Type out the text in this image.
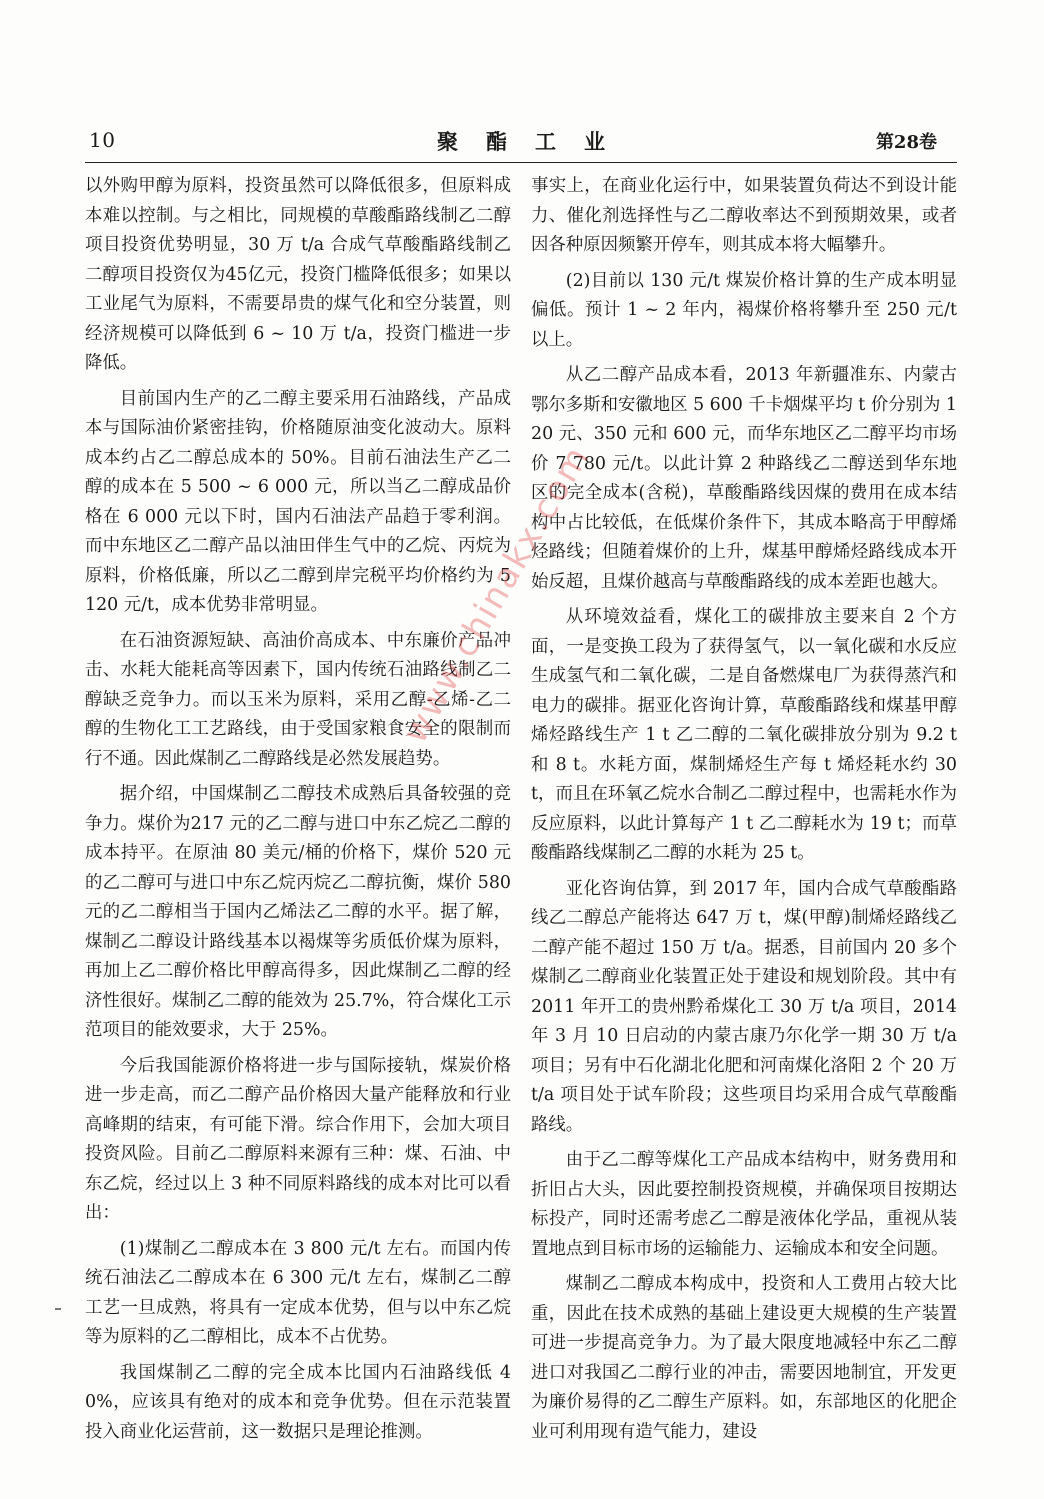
10	聚酯工业	第28卷

以外购甲醇为原料，投资虽然可以降低很多，但原料成本难以控制。与之相比，同规模的草酸酯路线制乙二醇项目投资优势明显，30 万 t/a 合成气草酸酯路线制乙二醇项目投资仅为45亿元，投资门槛降低很多；如果以工业尾气为原料，不需要昂贵的煤气化和空分装置，则经济规模可以降低到 6 ~ 10 万 t/a，投资门槛进一步降低。

目前国内生产的乙二醇主要采用石油路线，产品成本与国际油价紧密挂钩，价格随原油变化波动大。原料成本约占乙二醇总成本的 50%。目前石油法生产乙二醇的成本在 5 500 ~ 6 000 元，所以当乙二醇成品价格在 6 000 元以下时，国内石油法产品趋于零利润。而中东地区乙二醇产品以油田伴生气中的乙烷、丙烷为原料，价格低廉，所以乙二醇到岸完税平均价格约为 5 120 元/t，成本优势非常明显。

在石油资源短缺、高油价高成本、中东廉价产品冲击、水耗大能耗高等因素下，国内传统石油路线制乙二醇缺乏竞争力。而以玉米为原料，采用乙醇-乙烯-乙二醇的生物化工工艺路线，由于受国家粮食安全的限制而行不通。因此煤制乙二醇路线是必然发展趋势。

据介绍，中国煤制乙二醇技术成熟后具备较强的竞争力。煤价为217 元的乙二醇与进口中东乙烷乙二醇的成本持平。在原油 80 美元/桶的价格下，煤价 520 元的乙二醇可与进口中东乙烷丙烷乙二醇抗衡，煤价 580 元的乙二醇相当于国内乙烯法乙二醇的水平。据了解，煤制乙二醇设计路线基本以褐煤等劣质低价煤为原料，再加上乙二醇价格比甲醇高得多，因此煤制乙二醇的经济性很好。煤制乙二醇的能效为 25.7%，符合煤化工示范项目的能效要求，大于 25%。

今后我国能源价格将进一步与国际接轨，煤炭价格进一步走高，而乙二醇产品价格因大量产能释放和行业高峰期的结束，有可能下滑。综合作用下，会加大项目投资风险。目前乙二醇原料来源有三种：煤、石油、中东乙烷，经过以上 3 种不同原料路线的成本对比可以看出：

(1)煤制乙二醇成本在 3 800 元/t 左右。而国内传统石油法乙二醇成本在 6 300 元/t 左右，煤制乙二醇工艺一旦成熟，将具有一定成本优势，但与以中东乙烷等为原料的乙二醇相比，成本不占优势。

我国煤制乙二醇的完全成本比国内石油路线低 40%，应该具有绝对的成本和竞争优势。但在示范装置投入商业化运营前，这一数据只是理论推测。

事实上，在商业化运行中，如果装置负荷达不到设计能力、催化剂选择性与乙二醇收率达不到预期效果，或者因各种原因频繁开停车，则其成本将大幅攀升。

(2)目前以 130 元/t 煤炭价格计算的生产成本明显偏低。预计 1 ~ 2 年内，褐煤价格将攀升至 250 元/t 以上。

从乙二醇产品成本看，2013 年新疆准东、内蒙古鄂尔多斯和安徽地区 5 600 千卡烟煤平均 t 价分别为 120 元、350 元和 600 元，而华东地区乙二醇平均市场价 7 780 元/t。以此计算 2 种路线乙二醇送到华东地区的完全成本(含税)，草酸酯路线因煤的费用在成本结构中占比较低，在低煤价条件下，其成本略高于甲醇烯烃路线；但随着煤价的上升，煤基甲醇烯烃路线成本开始反超，且煤价越高与草酸酯路线的成本差距也越大。

从环境效益看，煤化工的碳排放主要来自 2 个方面，一是变换工段为了获得氢气，以一氧化碳和水反应生成氢气和二氧化碳，二是自备燃煤电厂为获得蒸汽和电力的碳排。据亚化咨询计算，草酸酯路线和煤基甲醇烯烃路线生产 1 t 乙二醇的二氧化碳排放分别为 9.2 t 和 8 t。水耗方面，煤制烯烃生产每 t 烯烃耗水约 30 t，而且在环氧乙烷水合制乙二醇过程中，也需耗水作为反应原料，以此计算每产 1 t 乙二醇耗水为 19 t；而草酸酯路线煤制乙二醇的水耗为 25 t。

亚化咨询估算，到 2017 年，国内合成气草酸酯路线乙二醇总产能将达 647 万 t，煤(甲醇)制烯烃路线乙二醇产能不超过 150 万 t/a。据悉，目前国内 20 多个煤制乙二醇商业化装置正处于建设和规划阶段。其中有 2011 年开工的贵州黔希煤化工 30 万 t/a 项目，2014 年 3 月 10 日启动的内蒙古康乃尔化学一期 30 万 t/a 项目；另有中石化湖北化肥和河南煤化洛阳 2 个 20 万 t/a 项目处于试车阶段；这些项目均采用合成气草酸酯路线。

由于乙二醇等煤化工产品成本结构中，财务费用和折旧占大头，因此要控制投资规模，并确保项目按期达标投产，同时还需考虑乙二醇是液体化学品，重视从装置地点到目标市场的运输能力、运输成本和安全问题。

煤制乙二醇成本构成中，投资和人工费用占较大比重，因此在技术成熟的基础上建设更大规模的生产装置可进一步提高竞争力。为了最大限度地减轻中东乙二醇进口对我国乙二醇行业的冲击，需要因地制宜，开发更为廉价易得的乙二醇生产原料。如，东部地区的化肥企业可利用现有造气能力，建设

www.chinakx.com
